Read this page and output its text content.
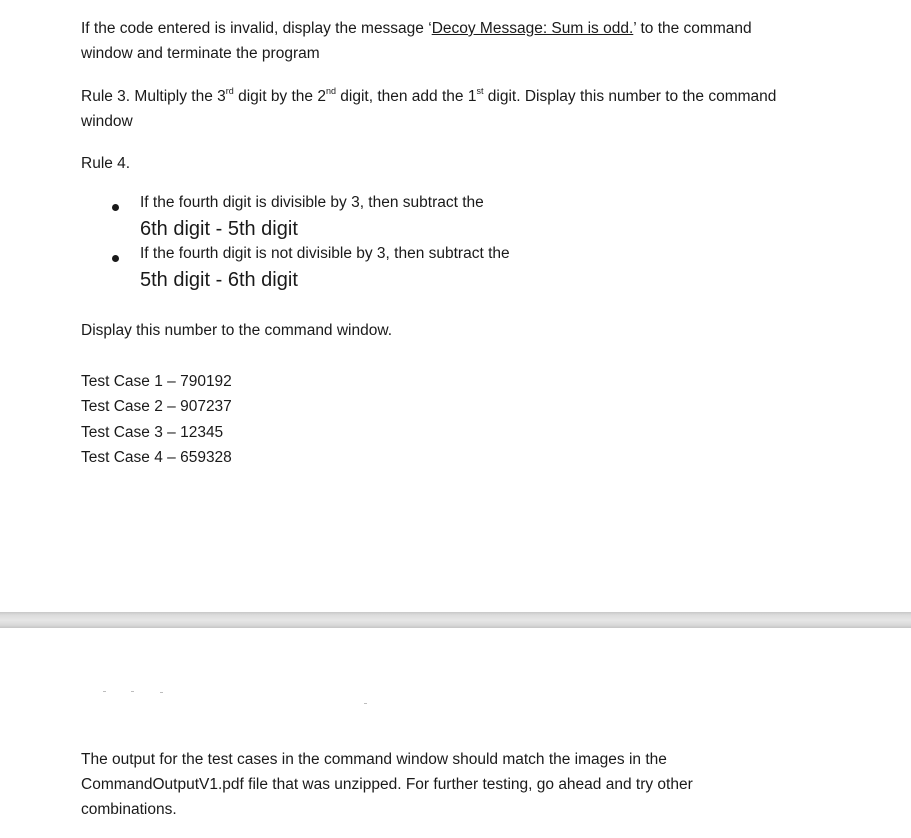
If the code entered is invalid, display the message ‘Decoy Message: Sum is odd.’ to the command

window and terminate the program

Rule 3. Multiply the 3rd digit by the 2nd digit, then add the 1st digit. Display this number to the command

window

Rule 4.

If the fourth digit is divisible by 3, then subtract the
6th digit - 5th digit
If the fourth digit is not divisible by 3, then subtract the
5th digit - 6th digit

Display this number to the command window.

Test Case 1 – 790192

Test Case 2 – 907237

Test Case 3 – 12345

Test Case 4 – 659328

The output for the test cases in the command window should match the images in the

CommandOutputV1.pdf file that was unzipped. For further testing, go ahead and try other

combinations.
